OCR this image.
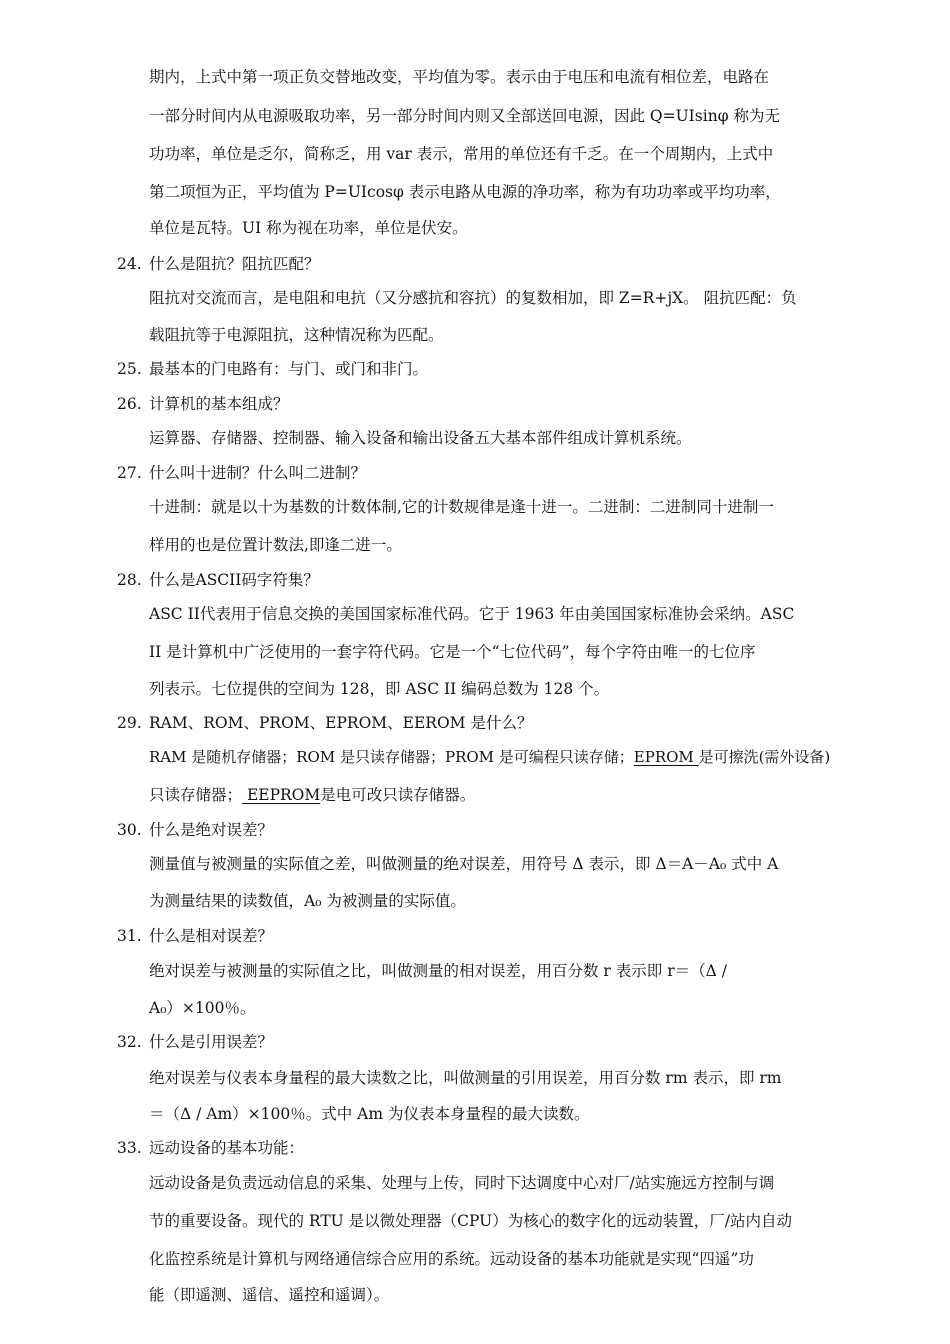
期内，上式中第一项正负交替地改变，平均值为零。表示由于电压和电流有相位差，电路在
一部分时间内从电源吸取功率，另一部分时间内则又全部送回电源，因此 Q=UIsinφ 称为无
功功率，单位是乏尔，简称乏，用 var 表示，常用的单位还有千乏。在一个周期内，上式中
第二项恒为正，平均值为 P=UIcosφ 表示电路从电源的净功率，称为有功功率或平均功率，
单位是瓦特。UI 称为视在功率，单位是伏安。
24. 什么是阻抗？阻抗匹配？
阻抗对交流而言，是电阻和电抗（又分感抗和容抗）的复数相加，即 Z=R+jX。 阻抗匹配：负
载阻抗等于电源阻抗，这种情况称为匹配。
25. 最基本的门电路有：与门、或门和非门。
26. 计算机的基本组成？
运算器、存储器、控制器、输入设备和输出设备五大基本部件组成计算机系统。
27. 什么叫十进制？什么叫二进制？
十进制：就是以十为基数的计数体制,它的计数规律是逢十进一。二进制：二进制同十进制一
样用的也是位置计数法,即逢二进一。
28. 什么是ASCII码字符集？
ASC II代表用于信息交换的美国国家标准代码。它于 1963 年由美国国家标准协会采纳。ASC
II 是计算机中广泛使用的一套字符代码。它是一个“七位代码”，每个字符由唯一的七位序
列表示。七位提供的空间为 128，即 ASC II 编码总数为 128 个。
29. RAM、ROM、PROM、EPROM、EEROM 是什么？
RAM 是随机存储器；ROM 是只读存储器；PROM 是可编程只读存储；EPROM 是可擦洗(需外设备)
只读存储器； EEPROM是电可改只读存储器。
30. 什么是绝对误差？
测量值与被测量的实际值之差，叫做测量的绝对误差，用符号 Δ 表示，即 Δ＝A－A₀ 式中 A
为测量结果的读数值，A₀ 为被测量的实际值。
31. 什么是相对误差？
绝对误差与被测量的实际值之比，叫做测量的相对误差，用百分数 r 表示即 r＝（Δ /
A₀）×100％。
32. 什么是引用误差？
绝对误差与仪表本身量程的最大读数之比，叫做测量的引用误差，用百分数 rm 表示，即 rm
＝（Δ / Am）×100％。式中 Am 为仪表本身量程的最大读数。
33. 远动设备的基本功能：
远动设备是负责远动信息的采集、处理与上传，同时下达调度中心对厂/站实施远方控制与调
节的重要设备。现代的 RTU 是以微处理器（CPU）为核心的数字化的远动装置，厂/站内自动
化监控系统是计算机与网络通信综合应用的系统。远动设备的基本功能就是实现“四遥”功
能（即遥测、遥信、遥控和遥调）。
